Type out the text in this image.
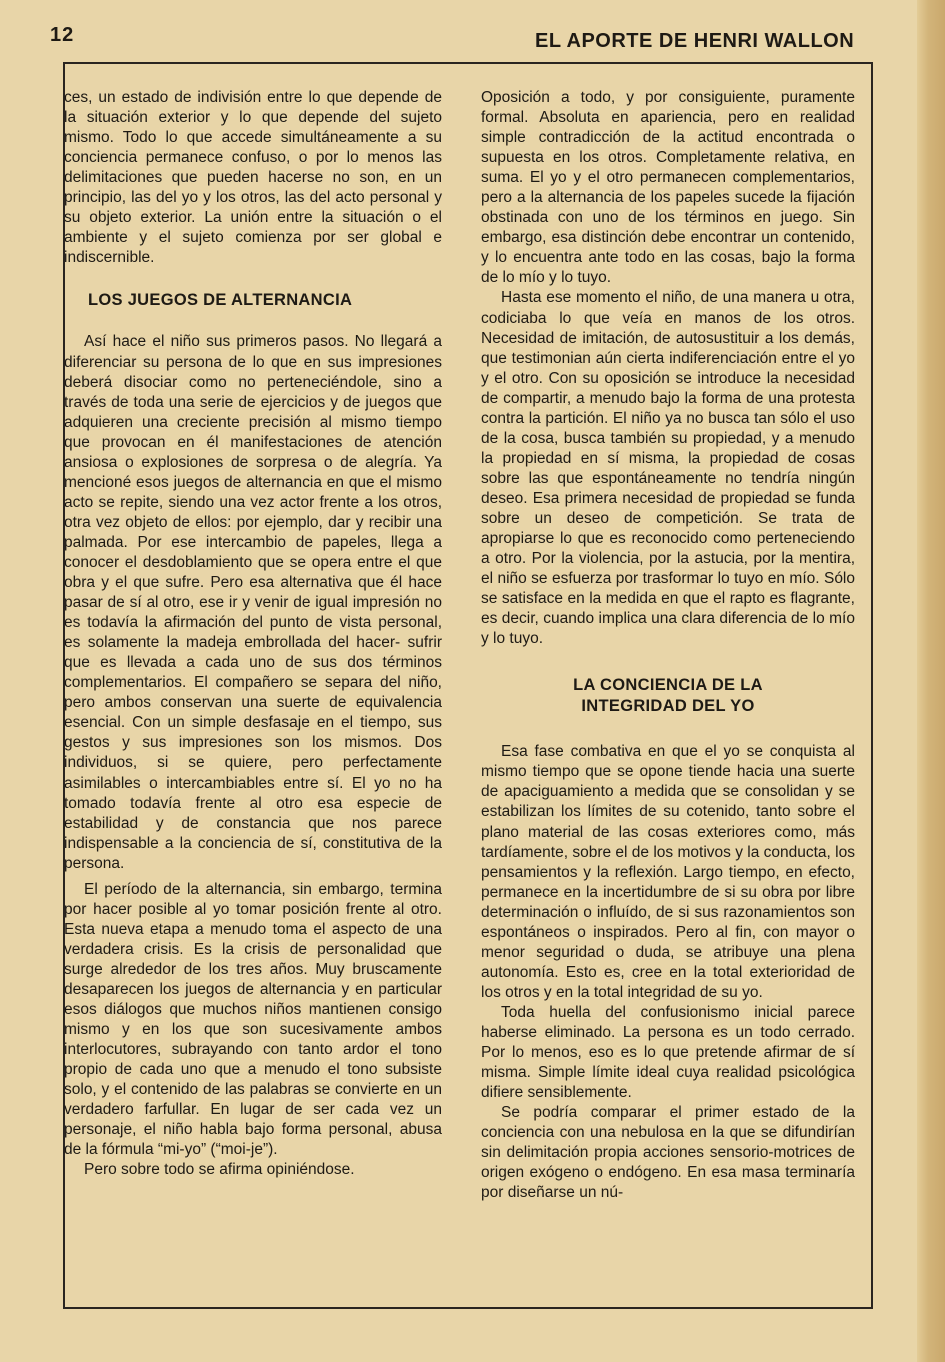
12	EL APORTE DE HENRI WALLON

ces, un estado de indivisión entre lo que depende de la situación exterior y lo que depende del sujeto mismo. Todo lo que accede simultáneamente a su conciencia permanece confuso, o por lo menos las delimitaciones que pueden hacerse no son, en un principio, las del yo y los otros, las del acto personal y su objeto exterior. La unión entre la situación o el ambiente y el sujeto comienza por ser global e indiscernible.

LOS JUEGOS DE ALTERNANCIA

Así hace el niño sus primeros pasos. No llegará a diferenciar su persona de lo que en sus impresiones deberá disociar como no perteneciéndole, sino a través de toda una serie de ejercicios y de juegos que adquieren una creciente precisión al mismo tiempo que provocan en él manifestaciones de atención ansiosa o explosiones de sorpresa o de alegría. Ya mencioné esos juegos de alternancia en que el mismo acto se repite, siendo una vez actor frente a los otros, otra vez objeto de ellos: por ejemplo, dar y recibir una palmada. Por ese intercambio de papeles, llega a conocer el desdoblamiento que se opera entre el que obra y el que sufre. Pero esa alternativa que él hace pasar de sí al otro, ese ir y venir de igual impresión no es todavía la afirmación del punto de vista personal, es solamente la madeja embrollada del hacer- sufrir que es llevada a cada uno de sus dos términos complementarios. El compañero se separa del niño, pero ambos conservan una suerte de equivalencia esencial. Con un simple desfasaje en el tiempo, sus gestos y sus impresiones son los mismos. Dos individuos, si se quiere, pero perfectamente asimilables o intercambiables entre sí. El yo no ha tomado todavía frente al otro esa especie de estabilidad y de constancia que nos parece indispensable a la conciencia de sí, constitutiva de la persona.

El período de la alternancia, sin embargo, termina por hacer posible al yo tomar posición frente al otro. Esta nueva etapa a menudo toma el aspecto de una verdadera crisis. Es la crisis de personalidad que surge alrededor de los tres años. Muy bruscamente desaparecen los juegos de alternancia y en particular esos diálogos que muchos niños mantienen consigo mismo y en los que son sucesivamente ambos interlocutores, subrayando con tanto ardor el tono propio de cada uno que a menudo el tono subsiste solo, y el contenido de las palabras se convierte en un verdadero farfullar. En lugar de ser cada vez un personaje, el niño habla bajo forma personal, abusa de la fórmula “mi-yo” (“moi-je”).

Pero sobre todo se afirma opiniéndose.

Oposición a todo, y por consiguiente, puramente formal. Absoluta en apariencia, pero en realidad simple contradicción de la actitud encontrada o supuesta en los otros. Completamente relativa, en suma. El yo y el otro permanecen complementarios, pero a la alternancia de los papeles sucede la fijación obstinada con uno de los términos en juego. Sin embargo, esa distinción debe encontrar un contenido, y lo encuentra ante todo en las cosas, bajo la forma de lo mío y lo tuyo.

Hasta ese momento el niño, de una manera u otra, codiciaba lo que veía en manos de los otros. Necesidad de imitación, de autosustituir a los demás, que testimonian aún cierta indiferenciación entre el yo y el otro. Con su oposición se introduce la necesidad de compartir, a menudo bajo la forma de una protesta contra la partición. El niño ya no busca tan sólo el uso de la cosa, busca también su propiedad, y a menudo la propiedad en sí misma, la propiedad de cosas sobre las que espontáneamente no tendría ningún deseo. Esa primera necesidad de propiedad se funda sobre un deseo de competición. Se trata de apropiarse lo que es reconocido como perteneciendo a otro. Por la violencia, por la astucia, por la mentira, el niño se esfuerza por trasformar lo tuyo en mío. Sólo se satisface en la medida en que el rapto es flagrante, es decir, cuando implica una clara diferencia de lo mío y lo tuyo.

LA CONCIENCIA DE LA
INTEGRIDAD DEL YO

Esa fase combativa en que el yo se conquista al mismo tiempo que se opone tiende hacia una suerte de apaciguamiento a medida que se consolidan y se estabilizan los límites de su cotenido, tanto sobre el plano material de las cosas exteriores como, más tardíamente, sobre el de los motivos y la conducta, los pensamientos y la reflexión. Largo tiempo, en efecto, permanece en la incertidumbre de si su obra por libre determinación o influído, de si sus razonamientos son espontáneos o inspirados. Pero al fin, con mayor o menor seguridad o duda, se atribuye una plena autonomía. Esto es, cree en la total exterioridad de los otros y en la total integridad de su yo.

Toda huella del confusionismo inicial parece haberse eliminado. La persona es un todo cerrado. Por lo menos, eso es lo que pretende afirmar de sí misma. Simple límite ideal cuya realidad psicológica difiere sensiblemente.

Se podría comparar el primer estado de la conciencia con una nebulosa en la que se difundirían sin delimitación propia acciones sensorio-motrices de origen exógeno o endógeno. En esa masa terminaría por diseñarse un nú-
